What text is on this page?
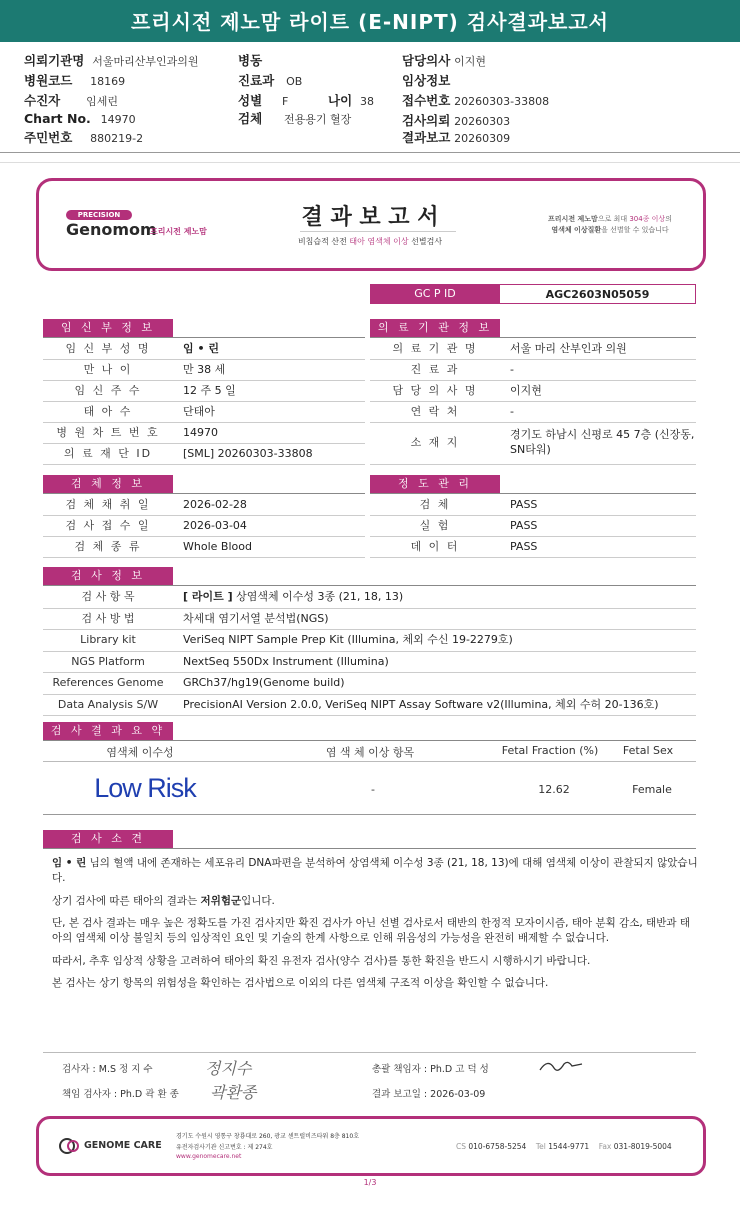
프리시전 제노맘 라이트 (E-NIPT) 검사결과보고서
의뢰기관명 서울마리산부인과의원
병원코드 18169
수진자 임세린
Chart No. 14970
주민번호 880219-2
병동
진료과 OB
성별 F	나이 38
검체 전용용기 혈장
담당의사 이지현
임상정보
접수번호 20260303-33808
검사의뢰 20260303
결과보고 20260309
PRECISION
Genomom
프리시전 제노맘
결 과 보 고 서
비침습적 산전 태아 염색체 이상 선별검사
프리시전 제노맘으로 최대 304종 이상의
염색체 이상질환을 선별할 수 있습니다
GC P ID	AGC2603N05059
임 신 부 정 보
임 신 부 성 명	임 • 린
만 나 이	만 38 세
임 신 주 수	12 주 5 일
태 아 수	단태아
병 원 차 트 번 호	14970
의 료 재 단 ID	[SML] 20260303-33808
의 료 기 관 정 보
의 료 기 관 명	서울 마리 산부인과 의원
진 료 과	-
담 당 의 사 명	이지현
연 락 처	-
소 재 지
경기도 하남시 신평로 45 7층 (신장동, SN타워)
검 체 정 보
검 체 채 취 일	2026-02-28
검 사 접 수 일	2026-03-04
검 체 종 류	Whole Blood
정 도 관 리
검 체	PASS
실 험	PASS
데 이 터	PASS
검 사 정 보
검 사 항 목	[ 라이트 ] 상염색체 이수성 3종 (21, 18, 13)
검 사 방 법	차세대 염기서열 분석법(NGS)
Library kit	VeriSeq NIPT Sample Prep Kit (Illumina, 체외 수신 19-2279호)
NGS Platform	NextSeq 550Dx Instrument (Illumina)
References Genome	GRCh37/hg19(Genome build)
Data Analysis S/W	PrecisionAI Version 2.0.0, VeriSeq NIPT Assay Software v2(Illumina, 체외 수허 20-136호)
검 사 결 과 요 약
염색체 이수성	염 색 체 이상 항목	Fetal Fraction (%)	Fetal Sex
Low Risk	-	12.62	Female
검 사 소 견
임 • 린 님의 혈액 내에 존재하는 세포유리 DNA파편을 분석하여 상염색체 이수성 3종 (21, 18, 13)에 대해 염색체 이상이 관찰되지 않았습니다.
상기 검사에 따른 태아의 결과는 저위험군입니다.
단, 본 검사 결과는 매우 높은 정확도를 가진 검사지만 확진 검사가 아닌 선별 검사로서 태반의 한정적 모자이시즘, 태아 분획 감소, 태반과 태아의 염색체 이상 불일치 등의 임상적인 요인 및 기술의 한계 사항으로 인해 위음성의 가능성을 완전히 배제할 수 없습니다.
따라서, 추후 임상적 상황을 고려하여 태아의 확진 유전자 검사(양수 검사)를 통한 확진을 반드시 시행하시기 바랍니다.
본 검사는 상기 항목의 위험성을 확인하는 검사법으로 이외의 다른 염색체 구조적 이상을 확인할 수 없습니다.
검사자 : M.S 정 지 수	정지수	총괄 책임자 : Ph.D 고 덕 성
책임 검사자 : Ph.D 곽 환 종 곽환종	결과 보고일 : 2026-03-09
GENOME CARE
경기도 수원시 영통구 창룡대로 260, 광교 센트럴비즈타워 8층 810호
유전자검사기관 신고번호 : 제 274호
www.genomecare.net
CS 010-6758-5254 Tel 1544-9771 Fax 031-8019-5004
1/3
